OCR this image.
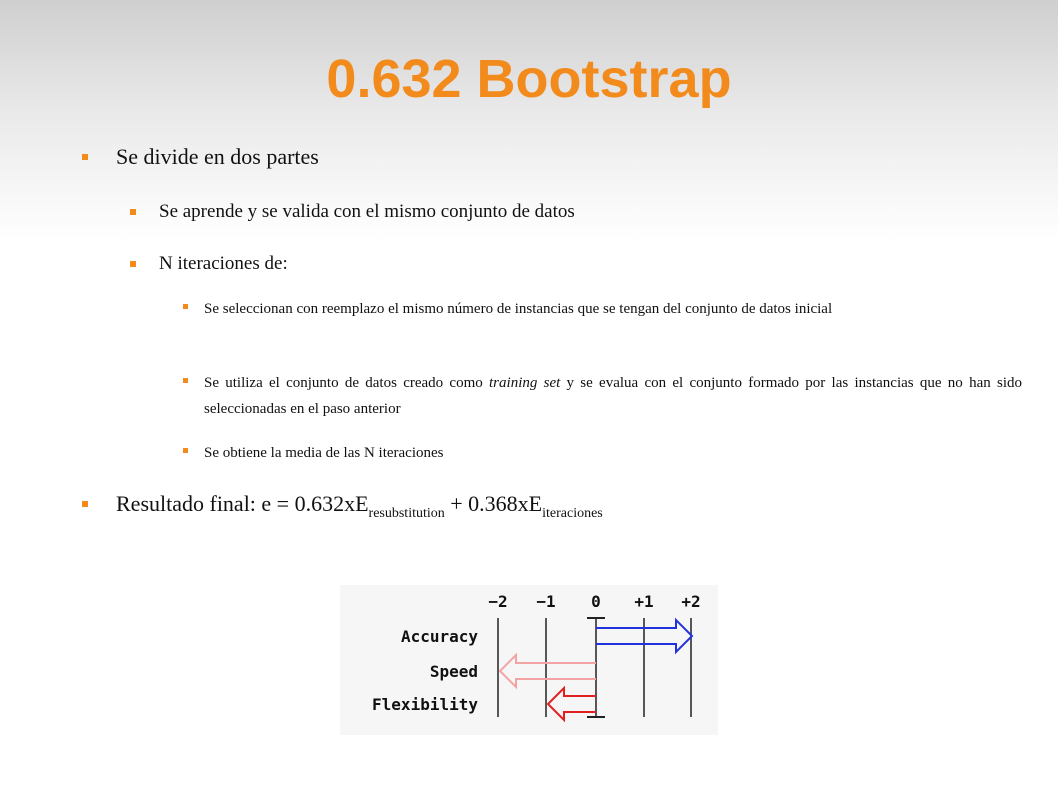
0.632 Bootstrap
Se divide en dos partes
Se aprende y se valida con el mismo conjunto de datos
N iteraciones de:
Se seleccionan con reemplazo el mismo número de instancias que se tengan del conjunto de datos inicial
Se utiliza el conjunto de datos creado como training set y se evalua con el conjunto formado por las instancias que no han sido seleccionadas en el paso anterior
Se obtiene la media de las N iteraciones
Resultado final: $e = 0.632xE_{resubstitution} + 0.368xE_{iteraciones}$
−2 −1 0 +1 +2
Accuracy
Speed
Flexibility
